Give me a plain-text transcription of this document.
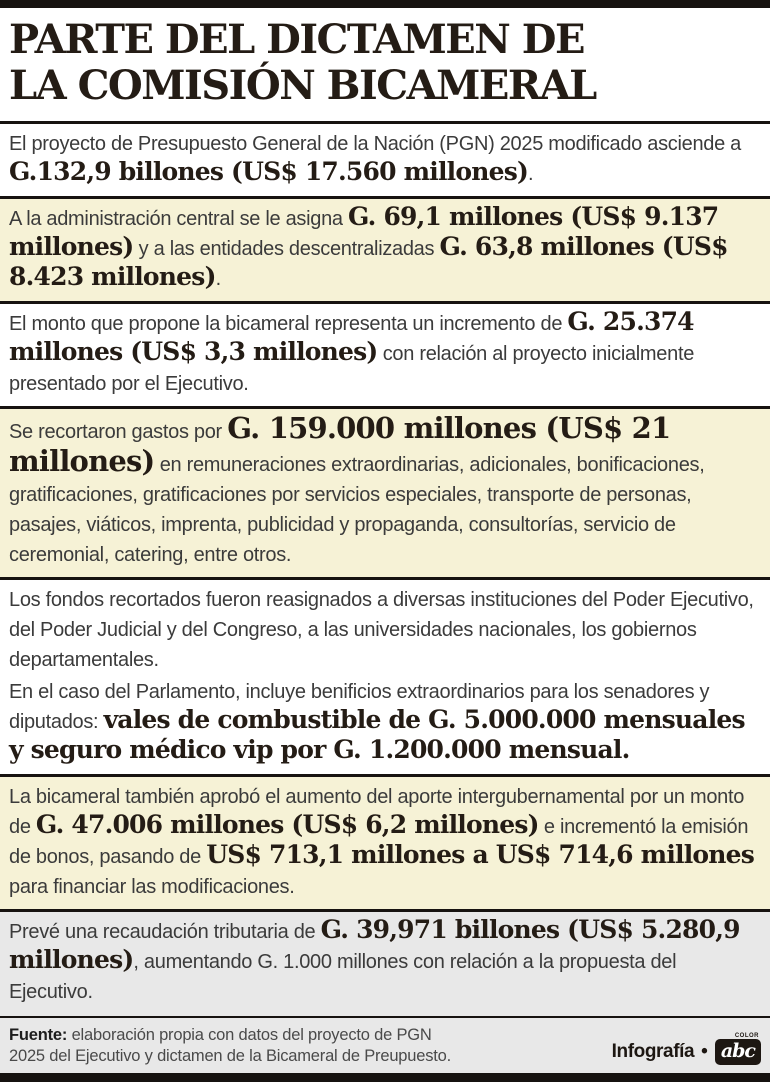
PARTE DEL DICTAMEN DE
LA COMISIÓN BICAMERAL

El proyecto de Presupuesto General de la Nación (PGN) 2025 modificado asciende a G.132,9 billones (US$ 17.560 millones).

A la administración central se le asigna G. 69,1 millones (US$ 9.137 millones) y a las entidades descentralizadas G. 63,8 millones (US$ 8.423 millones).

El monto que propone la bicameral representa un incremento de G. 25.374 millones (US$ 3,3 millones) con relación al proyecto inicialmente presentado por el Ejecutivo.

Se recortaron gastos por G. 159.000 millones (US$ 21 millones) en remuneraciones extraordinarias, adicionales, bonificaciones, gratificaciones, gratificaciones por servicios especiales, transporte de personas, pasajes, viáticos, imprenta, publicidad y propaganda, consultorías, servicio de ceremonial, catering, entre otros.

Los fondos recortados fueron reasignados a diversas instituciones del Poder Ejecutivo, del Poder Judicial y del Congreso, a las universidades nacionales, los gobiernos departamentales.

En el caso del Parlamento, incluye benificios extraordinarios para los senadores y diputados: vales de combustible de G. 5.000.000 mensuales y seguro médico vip por G. 1.200.000 mensual.

La bicameral también aprobó el aumento del aporte intergubernamental por un monto de G. 47.006 millones (US$ 6,2 millones) e incrementó la emisión de bonos, pasando de US$ 713,1 millones a US$ 714,6 millones para financiar las modificaciones.

Prevé una recaudación tributaria de G. 39,971 billones (US$ 5.280,9 millones), aumentando G. 1.000 millones con relación a la propuesta del Ejecutivo.

Fuente: elaboración propia con datos del proyecto de PGN 2025 del Ejecutivo y dictamen de la Bicameral de Preupuesto.	Infografía •
COLOR
abc
